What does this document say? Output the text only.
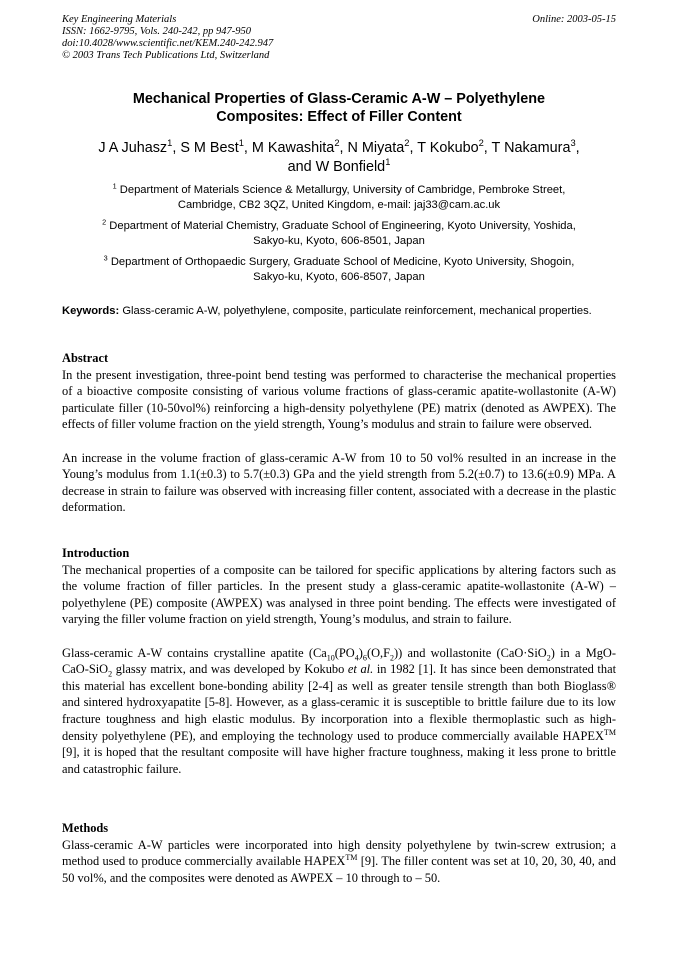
Key Engineering Materials
ISSN: 1662-9795, Vols. 240-242, pp 947-950
doi:10.4028/www.scientific.net/KEM.240-242.947
© 2003 Trans Tech Publications Ltd, Switzerland
Online: 2003-05-15
Mechanical Properties of Glass-Ceramic A-W – Polyethylene
Composites: Effect of Filler Content
J A Juhasz$^1$, S M Best$^1$, M Kawashita$^2$, N Miyata$^2$, T Kokubo$^2$, T Nakamura$^3$,
and W Bonfield$^1$
$^1$ Department of Materials Science & Metallurgy, University of Cambridge, Pembroke Street,
Cambridge, CB2 3QZ, United Kingdom, e-mail: jaj33@cam.ac.uk
$^2$ Department of Material Chemistry, Graduate School of Engineering, Kyoto University, Yoshida,
Sakyo-ku, Kyoto, 606-8501, Japan
$^3$ Department of Orthopaedic Surgery, Graduate School of Medicine, Kyoto University, Shogoin,
Sakyo-ku, Kyoto, 606-8507, Japan
Keywords: Glass-ceramic A-W, polyethylene, composite, particulate reinforcement, mechanical properties.
Abstract

In the present investigation, three-point bend testing was performed to characterise the mechanical properties of a bioactive composite consisting of various volume fractions of glass-ceramic apatite-wollastonite (A-W) particulate filler (10-50vol%) reinforcing a high-density polyethylene (PE) matrix (denoted as AWPEX). The effects of filler volume fraction on the yield strength, Young’s modulus and strain to failure were observed.

An increase in the volume fraction of glass-ceramic A-W from 10 to 50 vol% resulted in an increase in the Young’s modulus from 1.1(±0.3) to 5.7(±0.3) GPa and the yield strength from 5.2(±0.7) to 13.6(±0.9) MPa. A decrease in strain to failure was observed with increasing filler content, associated with a decrease in the plastic deformation.

Introduction

The mechanical properties of a composite can be tailored for specific applications by altering factors such as the volume fraction of filler particles. In the present study a glass-ceramic apatite-wollastonite (A-W) – polyethylene (PE) composite (AWPEX) was analysed in three point bending. The effects were investigated of varying the filler volume fraction on yield strength, Young’s modulus, and strain to failure.

Glass-ceramic A-W contains crystalline apatite $(Ca_{10}(PO_4)_6(O,F_2))$ and wollastonite (CaO·SiO$_2$) in a MgO-CaO-SiO$_2$ glassy matrix, and was developed by Kokubo et al. in 1982 [1]. It has since been demonstrated that this material has excellent bone-bonding ability [2-4] as well as greater tensile strength than both Bioglass® and sintered hydroxyapatite [5-8]. However, as a glass-ceramic it is susceptible to brittle failure due to its low fracture toughness and high elastic modulus. By incorporation into a flexible thermoplastic such as high-density polyethylene (PE), and employing the technology used to produce commercially available HAPEX™ [9], it is hoped that the resultant composite will have higher fracture toughness, making it less prone to brittle and catastrophic failure.

Methods

Glass-ceramic A-W particles were incorporated into high density polyethylene by twin-screw extrusion; a method used to produce commercially available HAPEX™ [9]. The filler content was set at 10, 20, 30, 40, and 50 vol%, and the composites were denoted as AWPEX – 10 through to – 50.
